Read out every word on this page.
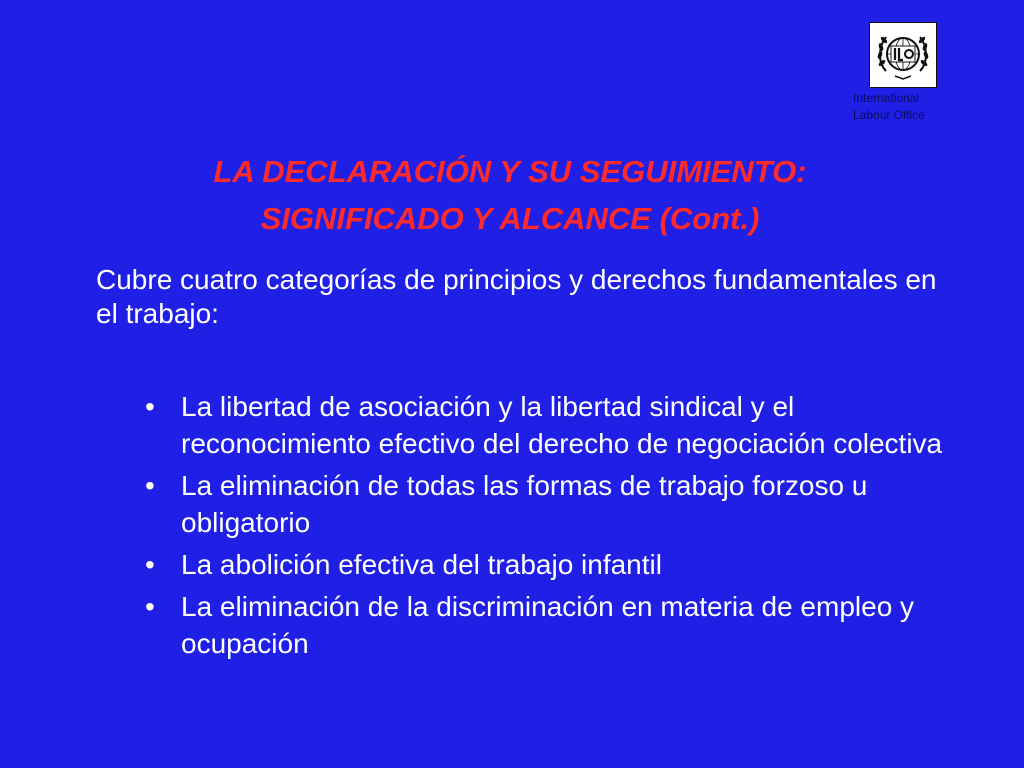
International
Labour Office
LA DECLARACIÓN Y SU SEGUIMIENTO:
SIGNIFICADO Y ALCANCE (Cont.)
Cubre cuatro categorías de principios y derechos fundamentales en el trabajo:
• La libertad de asociación y la libertad sindical y el reconocimiento efectivo del derecho de negociación colectiva
• La eliminación de todas las formas de trabajo forzoso u obligatorio
• La abolición efectiva del trabajo infantil
• La eliminación de la discriminación en materia de empleo y ocupación
